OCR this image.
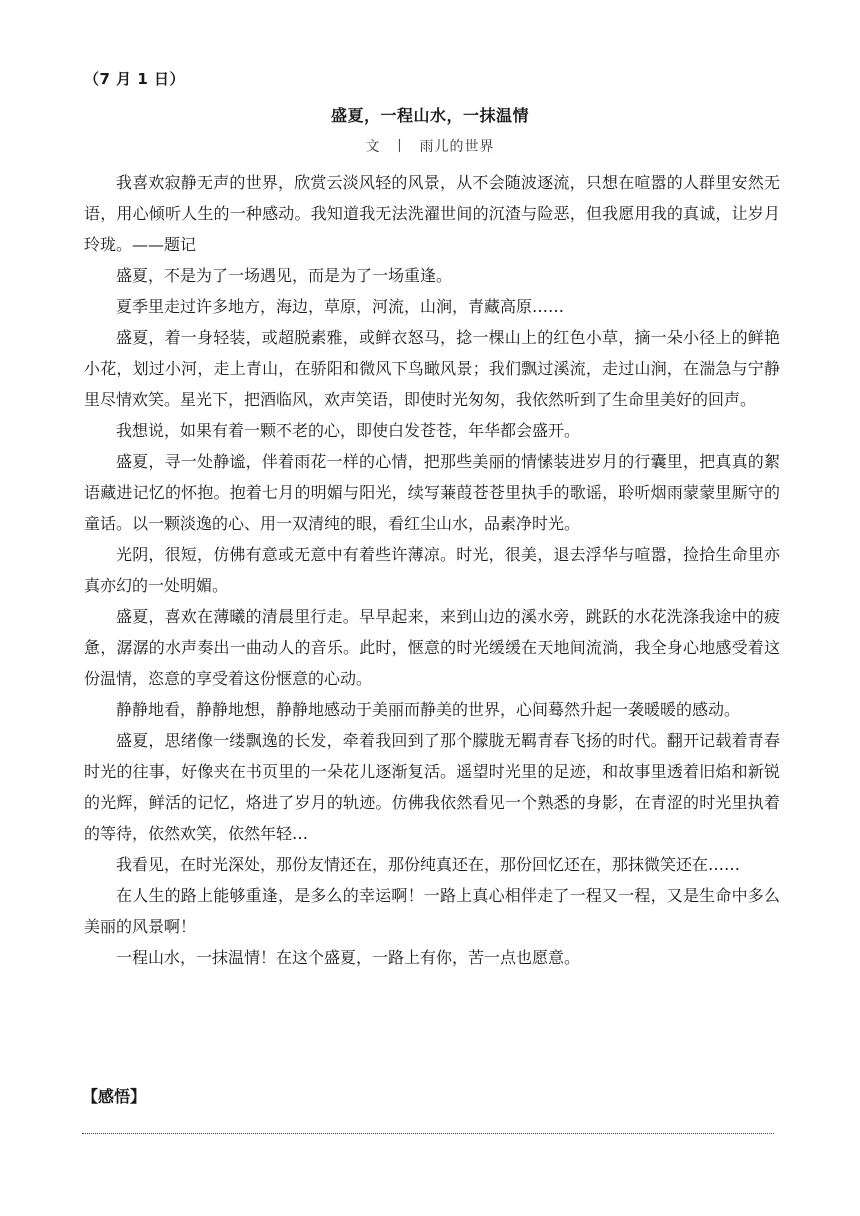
（7 月 1 日）
盛夏，一程山水，一抹温情
文 丨 雨儿的世界

我喜欢寂静无声的世界，欣赏云淡风轻的风景，从不会随波逐流，只想在喧嚣的人群里安然无语，用心倾听人生的一种感动。我知道我无法洗濯世间的沉渣与险恶，但我愿用我的真诚，让岁月玲珑。——题记

盛夏，不是为了一场遇见，而是为了一场重逢。

夏季里走过许多地方，海边，草原，河流，山涧，青藏高原……

盛夏，着一身轻装，或超脱素雅，或鲜衣怒马，捻一棵山上的红色小草，摘一朵小径上的鲜艳小花，划过小河，走上青山，在骄阳和微风下鸟瞰风景；我们飘过溪流，走过山涧，在湍急与宁静里尽情欢笑。星光下，把酒临风，欢声笑语，即使时光匆匆，我依然听到了生命里美好的回声。

我想说，如果有着一颗不老的心，即使白发苍苍，年华都会盛开。

盛夏，寻一处静谧，伴着雨花一样的心情，把那些美丽的情愫装进岁月的行囊里，把真真的絮语藏进记忆的怀抱。抱着七月的明媚与阳光，续写蒹葭苍苍里执手的歌谣，聆听烟雨蒙蒙里厮守的童话。以一颗淡逸的心、用一双清纯的眼，看红尘山水，品素净时光。

光阴，很短，仿佛有意或无意中有着些许薄凉。时光，很美，退去浮华与喧嚣，捡拾生命里亦真亦幻的一处明媚。

盛夏，喜欢在薄曦的清晨里行走。早早起来，来到山边的溪水旁，跳跃的水花洗涤我途中的疲惫，潺潺的水声奏出一曲动人的音乐。此时，惬意的时光缓缓在天地间流淌，我全身心地感受着这份温情，恣意的享受着这份惬意的心动。

静静地看，静静地想，静静地感动于美丽而静美的世界，心间蓦然升起一袭暖暖的感动。

盛夏，思绪像一缕飘逸的长发，牵着我回到了那个朦胧无羁青春飞扬的时代。翻开记载着青春时光的往事，好像夹在书页里的一朵花儿逐渐复活。遥望时光里的足迹，和故事里透着旧焰和新锐的光辉，鲜活的记忆，烙进了岁月的轨迹。仿佛我依然看见一个熟悉的身影，在青涩的时光里执着的等待，依然欢笑，依然年轻…

我看见，在时光深处，那份友情还在，那份纯真还在，那份回忆还在，那抹微笑还在……

在人生的路上能够重逢，是多么的幸运啊！一路上真心相伴走了一程又一程，又是生命中多么美丽的风景啊！

一程山水，一抹温情！在这个盛夏，一路上有你，苦一点也愿意。

【感悟】
